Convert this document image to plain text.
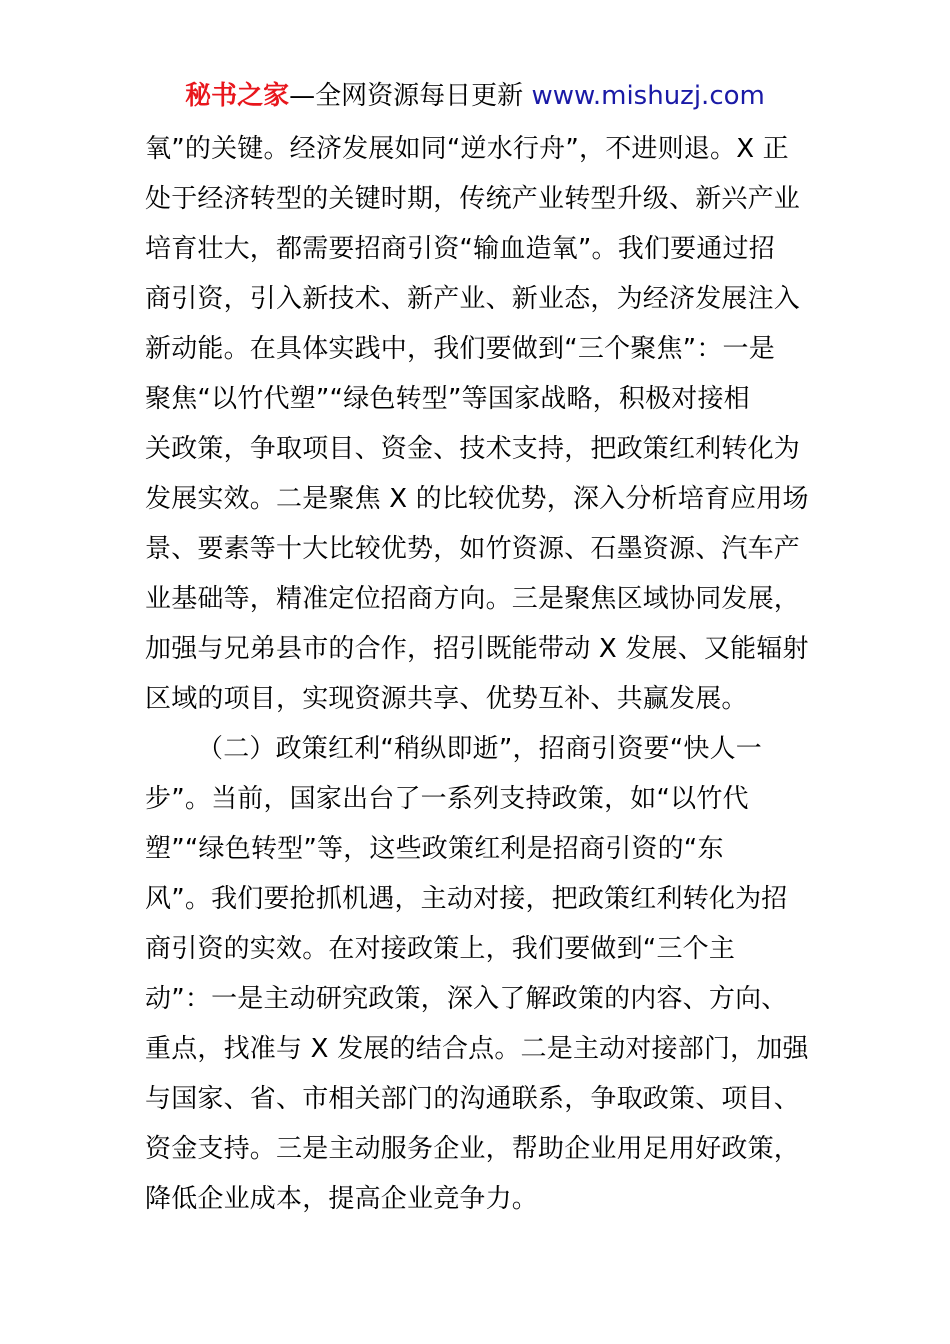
秘书之家—全网资源每日更新 www.mishuzj.com
氧”的关键。经济发展如同“逆水行舟”，不进则退。X 正
处于经济转型的关键时期，传统产业转型升级、新兴产业
培育壮大，都需要招商引资“输血造氧”。我们要通过招
商引资，引入新技术、新产业、新业态，为经济发展注入
新动能。在具体实践中，我们要做到“三个聚焦”：一是
聚焦“以竹代塑”“绿色转型”等国家战略，积极对接相
关政策，争取项目、资金、技术支持，把政策红利转化为
发展实效。二是聚焦 X 的比较优势，深入分析培育应用场
景、要素等十大比较优势，如竹资源、石墨资源、汽车产
业基础等，精准定位招商方向。三是聚焦区域协同发展，
加强与兄弟县市的合作，招引既能带动 X 发展、又能辐射
区域的项目，实现资源共享、优势互补、共赢发展。
（二）政策红利“稍纵即逝”，招商引资要“快人一
步”。当前，国家出台了一系列支持政策，如“以竹代
塑”“绿色转型”等，这些政策红利是招商引资的“东
风”。我们要抢抓机遇，主动对接，把政策红利转化为招
商引资的实效。在对接政策上，我们要做到“三个主
动”：一是主动研究政策，深入了解政策的内容、方向、
重点，找准与 X 发展的结合点。二是主动对接部门，加强
与国家、省、市相关部门的沟通联系，争取政策、项目、
资金支持。三是主动服务企业，帮助企业用足用好政策，
降低企业成本，提高企业竞争力。
